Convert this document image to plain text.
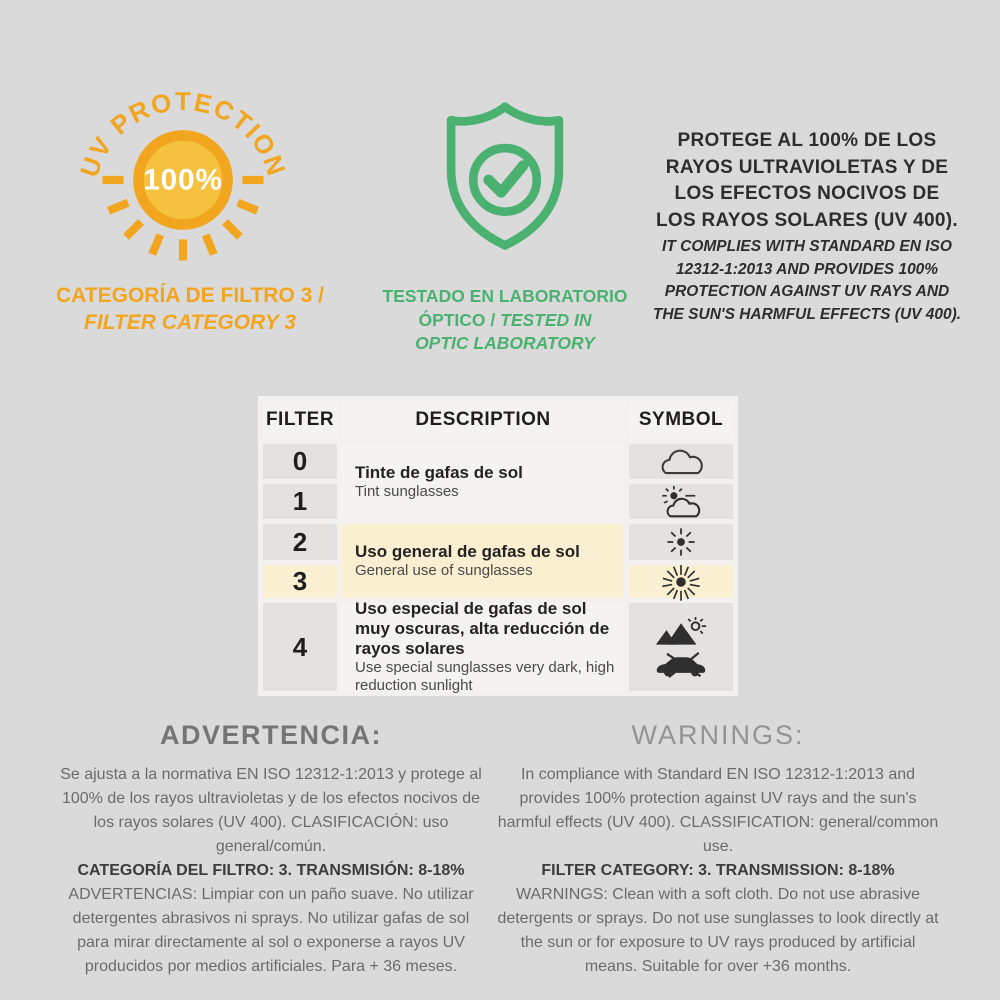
UV PROTECTION
100%
CATEGORÍA DE FILTRO 3 /
FILTER CATEGORY 3
TESTADO EN LABORATORIO
ÓPTICO / TESTED IN
OPTIC LABORATORY

PROTEGE AL 100% DE LOS RAYOS ULTRAVIOLETAS Y DE LOS EFECTOS NOCIVOS DE LOS RAYOS SOLARES (UV 400).

IT COMPLIES WITH STANDARD EN ISO 12312-1:2013 AND PROVIDES 100% PROTECTION AGAINST UV RAYS AND THE SUN'S HARMFUL EFFECTS (UV 400).

FILTER	DESCRIPTION	SYMBOL
0
1
2
3
4
Tinte de gafas de sol
Tint sunglasses
Uso general de gafas de sol
General use of sunglasses
Uso especial de gafas de sol muy oscuras, alta reducción de rayos solares
Use special sunglasses very dark, high reduction sunlight
ADVERTENCIA:

Se ajusta a la normativa EN ISO 12312-1:2013 y protege al 100% de los rayos ultravioletas y de los efectos nocivos de los rayos solares (UV 400). CLASIFICACIÓN: uso general/común.

CATEGORÍA DEL FILTRO: 3. TRANSMISIÓN: 8-18%

ADVERTENCIAS: Limpiar con un paño suave. No utilizar detergentes abrasivos ni sprays. No utilizar gafas de sol para mirar directamente al sol o exponerse a rayos UV producidos por medios artificiales. Para + 36 meses.

WARNINGS:

In compliance with Standard EN ISO 12312-1:2013 and provides 100% protection against UV rays and the sun's harmful effects (UV 400). CLASSIFICATION: general/common use.

FILTER CATEGORY: 3. TRANSMISSION: 8-18%

WARNINGS: Clean with a soft cloth. Do not use abrasive detergents or sprays. Do not use sunglasses to look directly at the sun or for exposure to UV rays produced by artificial means. Suitable for over +36 months.
